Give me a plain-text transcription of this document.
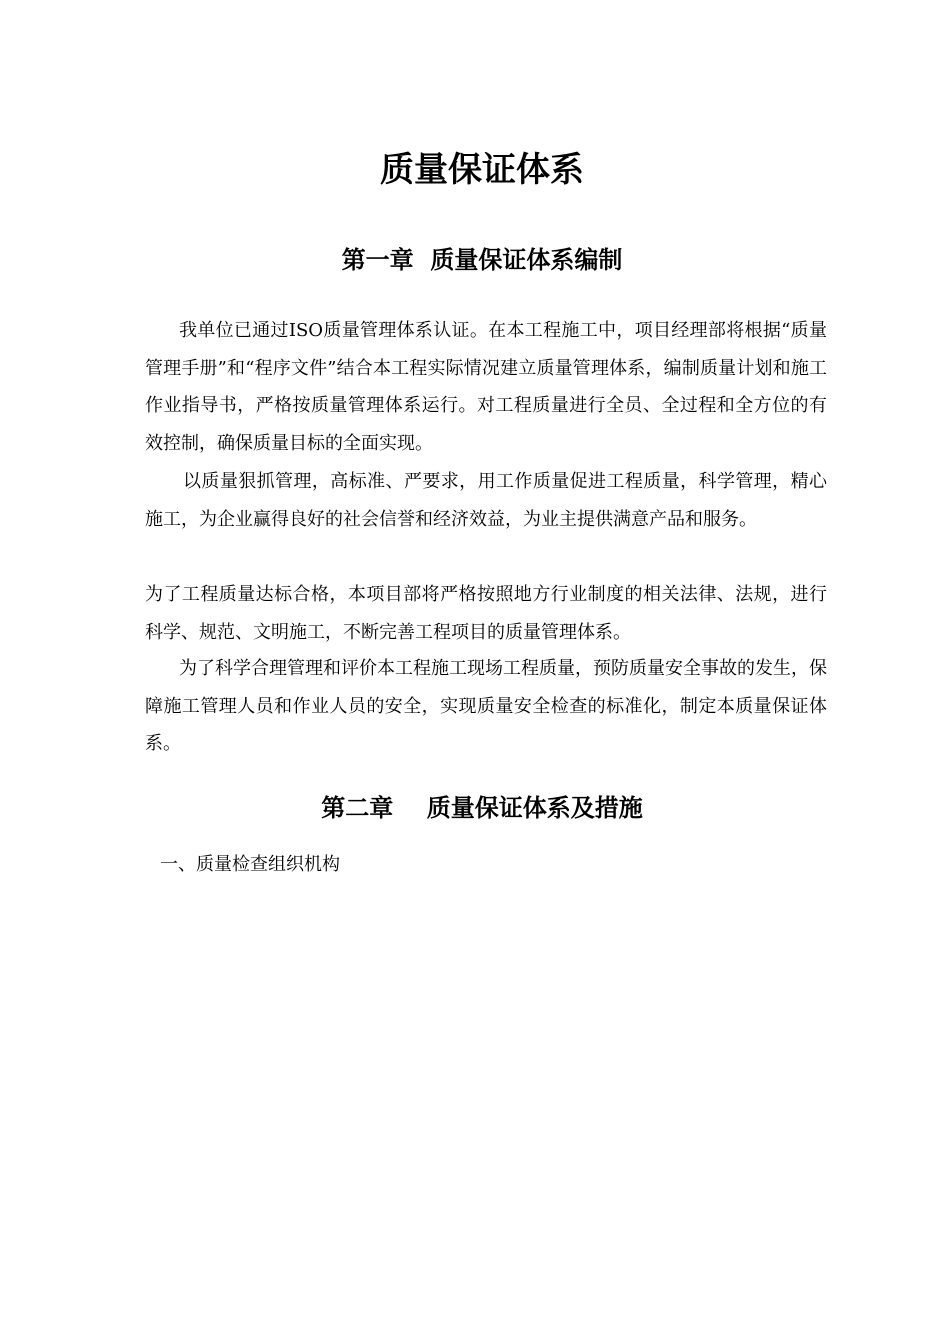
质量保证体系
第一章  质量保证体系编制

我单位已通过ISO质量管理体系认证。在本工程施工中，项目经理部将根据“质量管理手册”和“程序文件”结合本工程实际情况建立质量管理体系，编制质量计划和施工作业指导书，严格按质量管理体系运行。对工程质量进行全员、全过程和全方位的有效控制，确保质量目标的全面实现。

以质量狠抓管理，高标准、严要求，用工作质量促进工程质量，科学管理，精心施工，为企业赢得良好的社会信誉和经济效益，为业主提供满意产品和服务。

为了工程质量达标合格，本项目部将严格按照地方行业制度的相关法律、法规，进行科学、规范、文明施工，不断完善工程项目的质量管理体系。

为了科学合理管理和评价本工程施工现场工程质量，预防质量安全事故的发生，保障施工管理人员和作业人员的安全，实现质量安全检查的标准化，制定本质量保证体系。

第二章    质量保证体系及措施

一、质量检查组织机构
